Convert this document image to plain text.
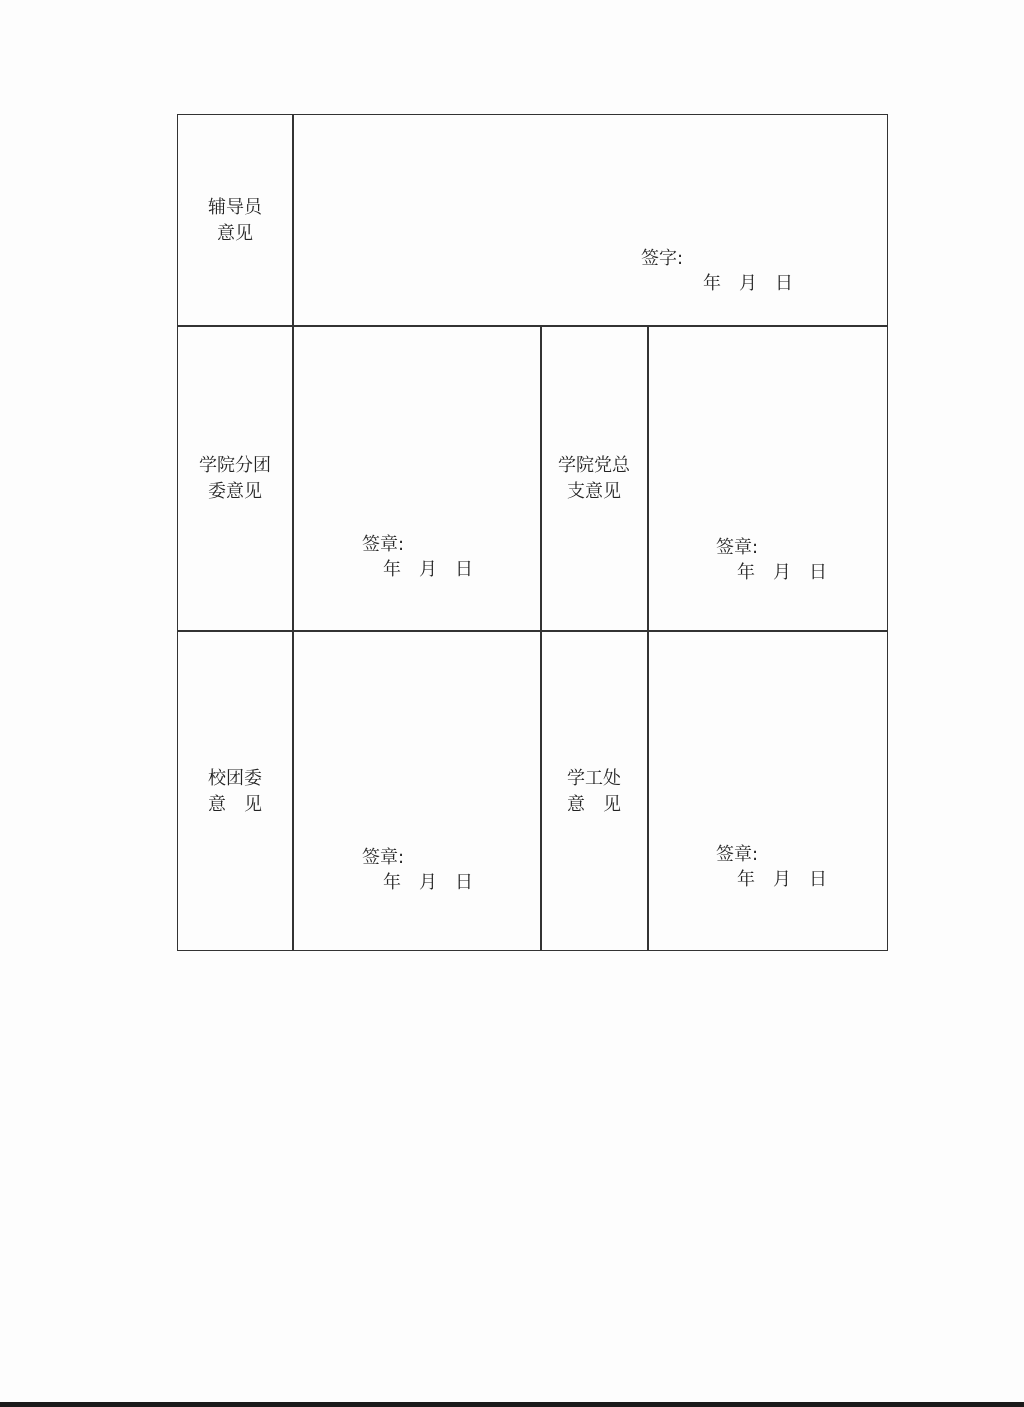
辅导员
意见
签字:
年　月　日
学院分团
委意见
签章:
年　月　日
学院党总
支意见
签章:
年　月　日
校团委
意　见
签章:
年　月　日
学工处
意　见
签章:
年　月　日
